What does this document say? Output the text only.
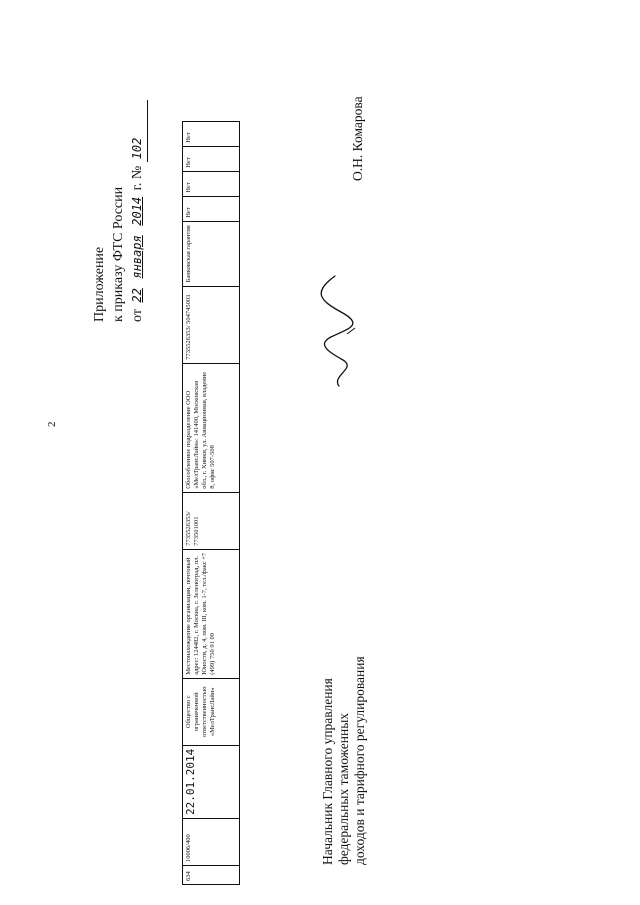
2
Приложение к приказу ФТС России от 22 января 2014 г. № 102
634	10006/400	22.01.2014	Общество с ограниченной ответственностью «МелТрансЛайн»	Местонахождение организации, почтовый адрес: 124482, г. Москва, г. Зеленоград, пл. Юности, д. 4, пом. III, ком. 1-7, тел./факс +7 (499) 750 91 09	7735526353/ 773501001	Обособленное подразделение ООО «МелТрансЛайн»: 141400, Московская обл., г. Химки, ул. Авиационная, владение 8, офис 507-508	7735526353/ 504745003	Банковская гарантия	Нет	Нет	Нет	Нет
Начальник Главного управления федеральных таможенных доходов и тарифного регулирования
О.Н. Комарова
